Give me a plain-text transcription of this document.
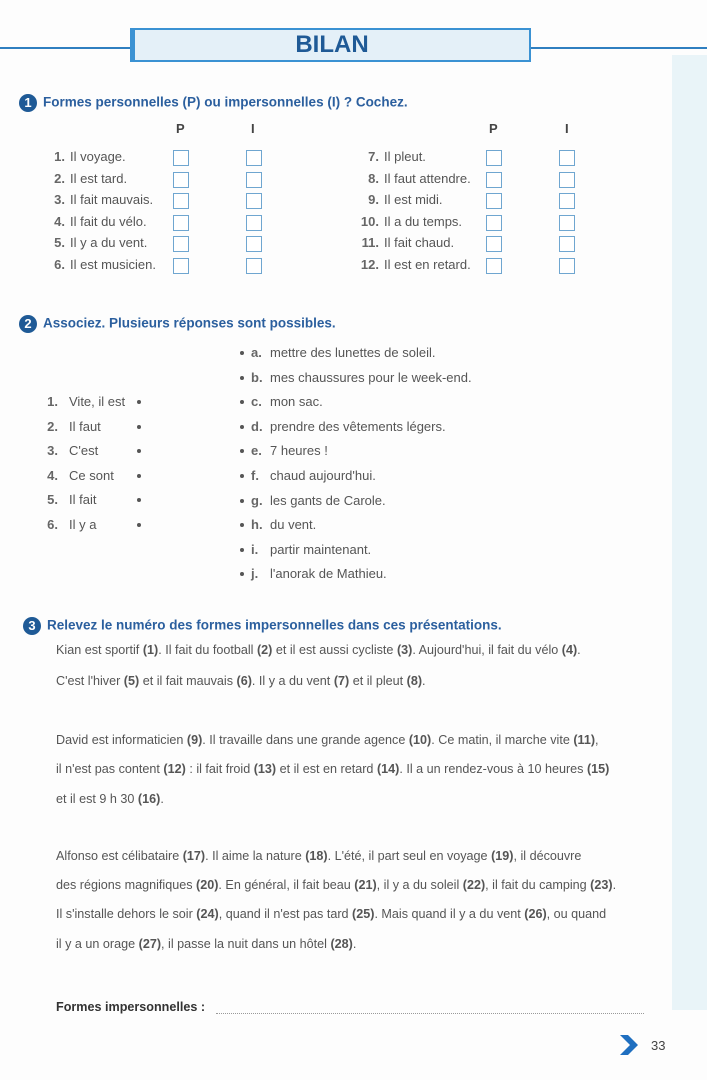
BILAN
1 Formes personnelles (P) ou impersonnelles (I) ? Cochez.
P	I	P	I
1. Il voyage.
2. Il est tard.
3. Il fait mauvais.
4. Il fait du vélo.
5. Il y a du vent.
6. Il est musicien.
7. Il pleut.
8. Il faut attendre.
9. Il est midi.
10. Il a du temps.
11. Il fait chaud.
12. Il est en retard.
2 Associez. Plusieurs réponses sont possibles.
1. Vite, il est
2. Il faut
3. C'est
4. Ce sont
5. Il fait
6. Il y a
a. mettre des lunettes de soleil.
b. mes chaussures pour le week-end.
c. mon sac.
d. prendre des vêtements légers.
e. 7 heures !
f. chaud aujourd'hui.
g. les gants de Carole.
h. du vent.
i. partir maintenant.
j. l'anorak de Mathieu.
3 Relevez le numéro des formes impersonnelles dans ces présentations.
Kian est sportif (1). Il fait du football (2) et il est aussi cycliste (3). Aujourd'hui, il fait du vélo (4).
C'est l'hiver (5) et il fait mauvais (6). Il y a du vent (7) et il pleut (8).
David est informaticien (9). Il travaille dans une grande agence (10). Ce matin, il marche vite (11),
il n'est pas content (12) : il fait froid (13) et il est en retard (14). Il a un rendez-vous à 10 heures (15)
et il est 9 h 30 (16).
Alfonso est célibataire (17). Il aime la nature (18). L'été, il part seul en voyage (19), il découvre
des régions magnifiques (20). En général, il fait beau (21), il y a du soleil (22), il fait du camping (23).
Il s'installe dehors le soir (24), quand il n'est pas tard (25). Mais quand il y a du vent (26), ou quand
il y a un orage (27), il passe la nuit dans un hôtel (28).
Formes impersonnelles :
33
